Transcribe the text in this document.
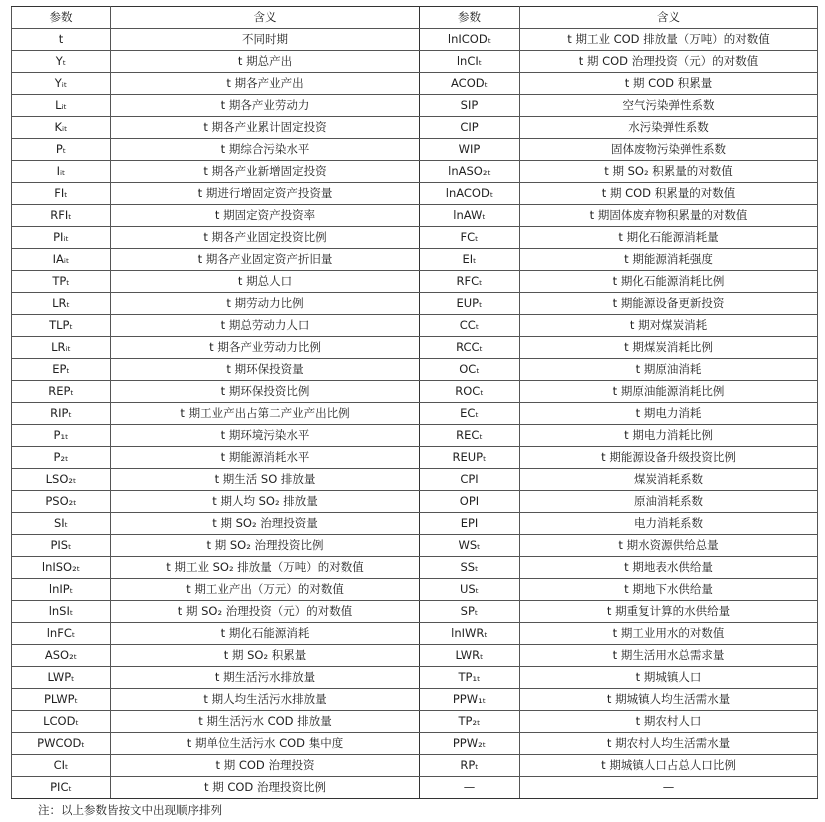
参数	含义	参数	含义
t	不同时期	lnICODₜ	t 期工业 COD 排放量（万吨）的对数值
Yₜ	t 期总产出	lnCIₜ	t 期 COD 治理投资（元）的对数值
Yᵢₜ	t 期各产业产出	ACODₜ	t 期 COD 积累量
Lᵢₜ	t 期各产业劳动力	SIP	空气污染弹性系数
Kᵢₜ	t 期各产业累计固定投资	CIP	水污染弹性系数
Pₜ	t 期综合污染水平	WIP	固体废物污染弹性系数
Iᵢₜ	t 期各产业新增固定投资	lnASO₂ₜ	t 期 SO₂ 积累量的对数值
FIₜ	t 期进行增固定资产投资量	lnACODₜ	t 期 COD 积累量的对数值
RFIₜ	t 期固定资产投资率	lnAWₜ	t 期固体废弃物积累量的对数值
PIᵢₜ	t 期各产业固定投资比例	FCₜ	t 期化石能源消耗量
IAᵢₜ	t 期各产业固定资产折旧量	EIₜ	t 期能源消耗强度
TPₜ	t 期总人口	RFCₜ	t 期化石能源消耗比例
LRₜ	t 期劳动力比例	EUPₜ	t 期能源设备更新投资
TLPₜ	t 期总劳动力人口	CCₜ	t 期对煤炭消耗
LRᵢₜ	t 期各产业劳动力比例	RCCₜ	t 期煤炭消耗比例
EPₜ	t 期环保投资量	OCₜ	t 期原油消耗
REPₜ	t 期环保投资比例	ROCₜ	t 期原油能源消耗比例
RIPₜ	t 期工业产出占第二产业产出比例	ECₜ	t 期电力消耗
P₁ₜ	t 期环境污染水平	RECₜ	t 期电力消耗比例
P₂ₜ	t 期能源消耗水平	REUPₜ	t 期能源设备升级投资比例
LSO₂ₜ	t 期生活 SO 排放量	CPI	煤炭消耗系数
PSO₂ₜ	t 期人均 SO₂ 排放量	OPI	原油消耗系数
SIₜ	t 期 SO₂ 治理投资量	EPI	电力消耗系数
PISₜ	t 期 SO₂ 治理投资比例	WSₜ	t 期水资源供给总量
lnISO₂ₜ	t 期工业 SO₂ 排放量（万吨）的对数值	SSₜ	t 期地表水供给量
lnIPₜ	t 期工业产出（万元）的对数值	USₜ	t 期地下水供给量
lnSIₜ	t 期 SO₂ 治理投资（元）的对数值	SPₜ	t 期重复计算的水供给量
lnFCₜ	t 期化石能源消耗	lnIWRₜ	t 期工业用水的对数值
ASO₂ₜ	t 期 SO₂ 积累量	LWRₜ	t 期生活用水总需求量
LWPₜ	t 期生活污水排放量	TP₁ₜ	t 期城镇人口
PLWPₜ	t 期人均生活污水排放量	PPW₁ₜ	t 期城镇人均生活需水量
LCODₜ	t 期生活污水 COD 排放量	TP₂ₜ	t 期农村人口
PWCODₜ	t 期单位生活污水 COD 集中度	PPW₂ₜ	t 期农村人均生活需水量
CIₜ	t 期 COD 治理投资	RPₜ	t 期城镇人口占总人口比例
PICₜ	t 期 COD 治理投资比例	—	—
注：以上参数皆按文中出现顺序排列
